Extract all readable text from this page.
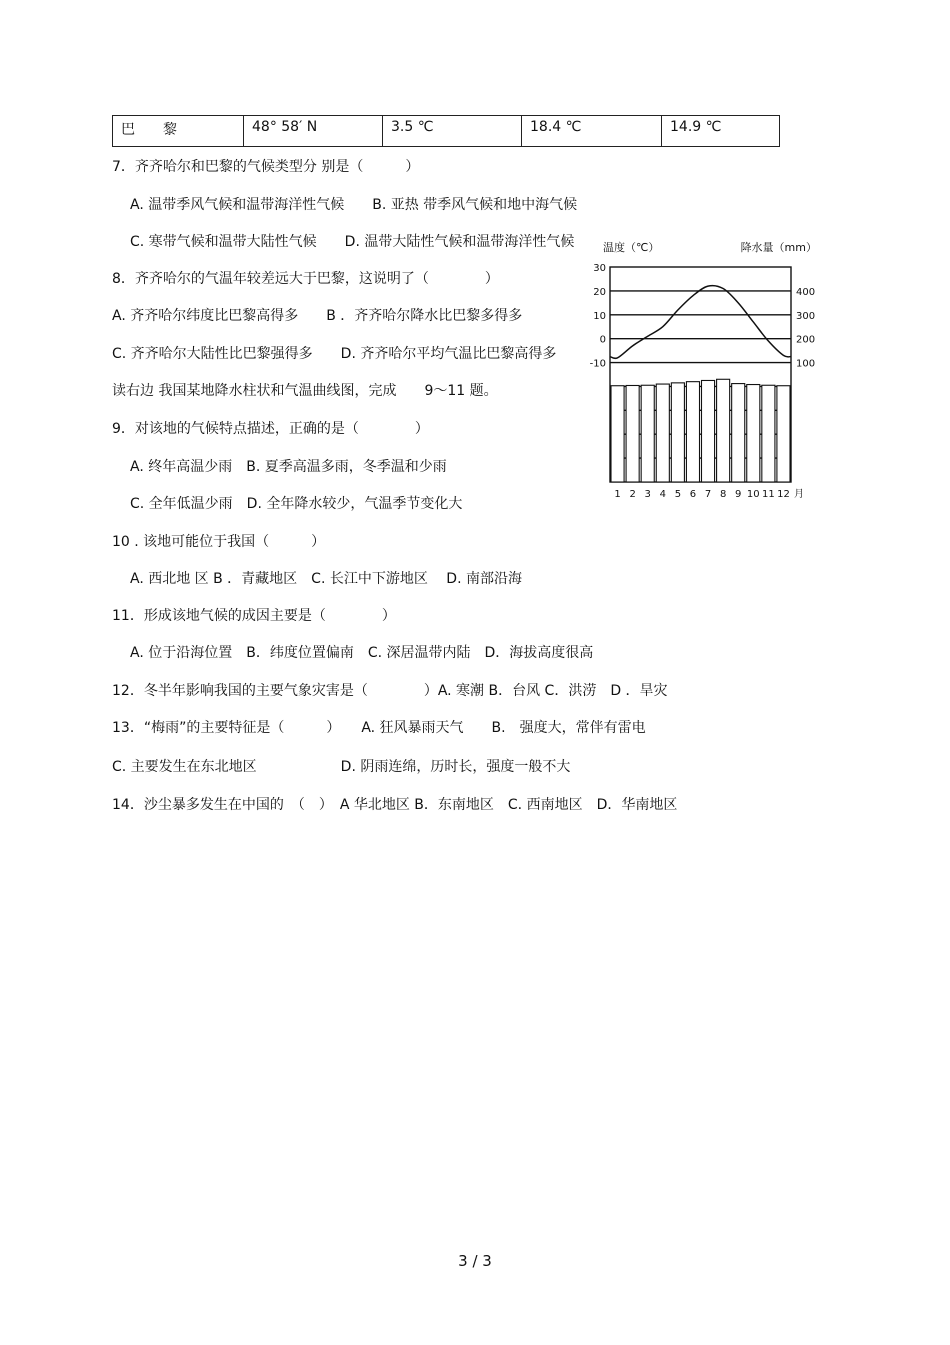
巴　　黎	48° 58′ N	3.5 ℃	18.4 ℃	14.9 ℃
7．齐齐哈尔和巴黎的气候类型分 别是（　　　）
A. 温带季风气候和温带海洋性气候　　B. 亚热 带季风气候和地中海气候
C. 寒带气候和温带大陆性气候　　D. 温带大陆性气候和温带海洋性气候
8．齐齐哈尔的气温年较差远大于巴黎，这说明了（　　　　）
A. 齐齐哈尔纬度比巴黎高得多　　B ．齐齐哈尔降水比巴黎多得多
C. 齐齐哈尔大陆性比巴黎强得多　　D. 齐齐哈尔平均气温比巴黎高得多
读右边 我国某地降水柱状和气温曲线图，完成　　9～11 题。
9．对该地的气候特点描述，正确的是（　　　　）
A. 终年高温少雨　B. 夏季高温多雨，冬季温和少雨
C. 全年低温少雨　D. 全年降水较少，气温季节变化大
10 . 该地可能位于我国（　　　）
A. 西北地 区 B ．青藏地区　C. 长江中下游地区　 D. 南部沿海
11．形成该地气候的成因主要是（　　　　）
A. 位于沿海位置　B．纬度位置偏南　C. 深居温带内陆　D．海拔高度很高
12．冬半年影响我国的主要气象灾害是（　　　　）A. 寒潮 B．台风 C．洪涝　D ．旱灾
13．“梅雨”的主要特征是（　　　）　　A. 狂风暴雨天气　　B.　强度大，常伴有雷电
C. 主要发生在东北地区　　　　　　D. 阴雨连绵，历时长，强度一般不大
14．沙尘暴多发生在中国的　（　）　A 华北地区 B．东南地区　C. 西南地区　D．华南地区
温度（℃）	降水量（mm）
30
20
10
0
-10
400
300
200
100
1 2 3 4 5 6 7 8 9 10 11 12 月
3 / 3
